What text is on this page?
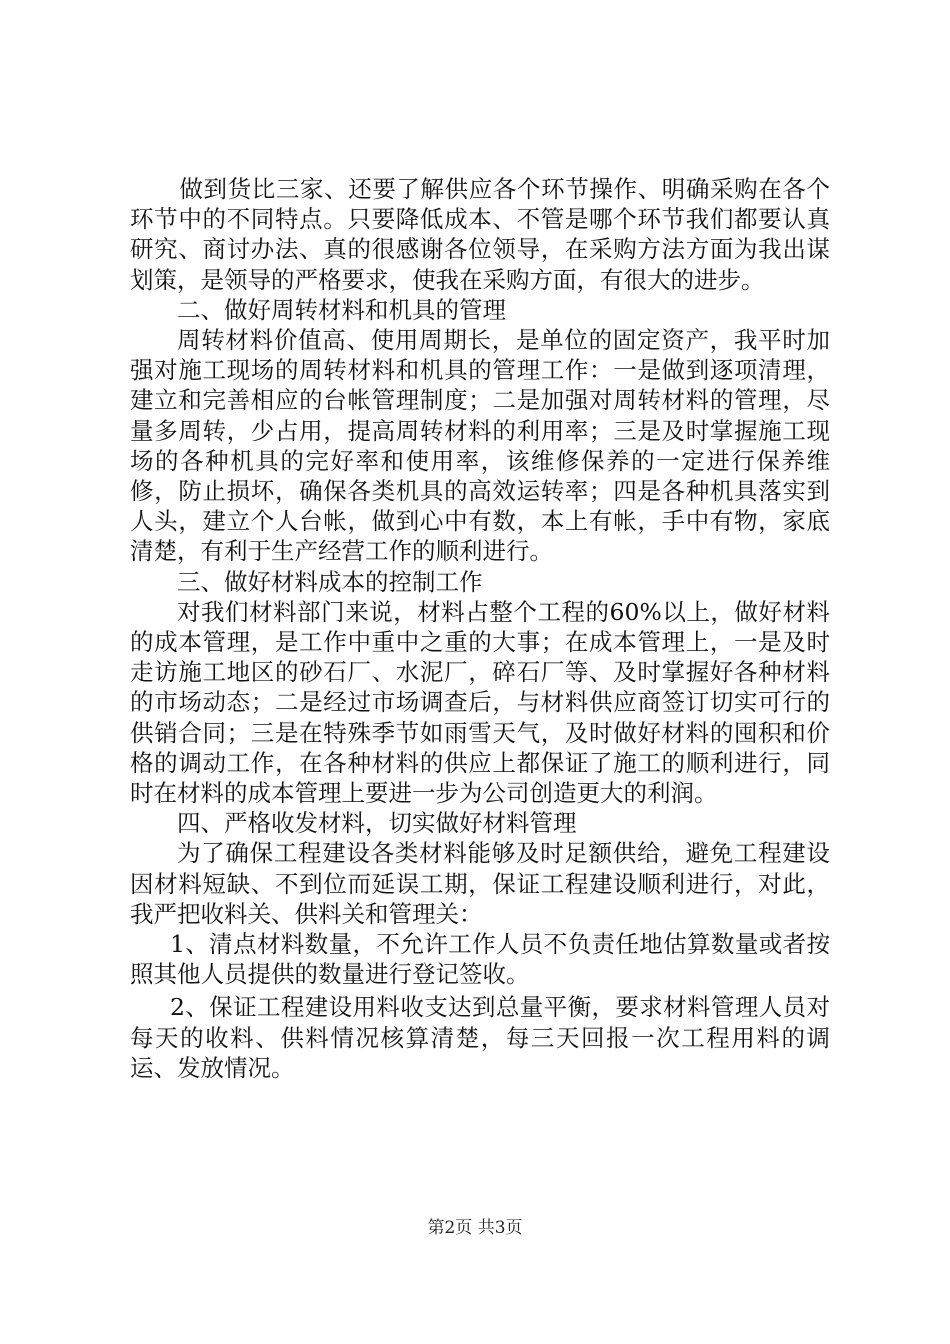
做到货比三家、还要了解供应各个环节操作、明确采购在各个环节中的不同特点。只要降低成本、不管是哪个环节我们都要认真研究、商讨办法、真的很感谢各位领导，在采购方法方面为我出谋划策，是领导的严格要求，使我在采购方面，有很大的进步。

二、做好周转材料和机具的管理

周转材料价值高、使用周期长，是单位的固定资产，我平时加强对施工现场的周转材料和机具的管理工作：一是做到逐项清理，建立和完善相应的台帐管理制度；二是加强对周转材料的管理，尽量多周转，少占用，提高周转材料的利用率；三是及时掌握施工现场的各种机具的完好率和使用率，该维修保养的一定进行保养维修，防止损坏，确保各类机具的高效运转率；四是各种机具落实到人头，建立个人台帐，做到心中有数，本上有帐，手中有物，家底清楚，有利于生产经营工作的顺利进行。

三、做好材料成本的控制工作

对我们材料部门来说，材料占整个工程的60%以上，做好材料的成本管理，是工作中重中之重的大事；在成本管理上，一是及时走访施工地区的砂石厂、水泥厂，碎石厂等、及时掌握好各种材料的市场动态；二是经过市场调查后，与材料供应商签订切实可行的供销合同；三是在特殊季节如雨雪天气，及时做好材料的囤积和价格的调动工作，在各种材料的供应上都保证了施工的顺利进行，同时在材料的成本管理上要进一步为公司创造更大的利润。

四、严格收发材料，切实做好材料管理

为了确保工程建设各类材料能够及时足额供给，避免工程建设因材料短缺、不到位而延误工期，保证工程建设顺利进行，对此，我严把收料关、供料关和管理关：

1、清点材料数量，不允许工作人员不负责任地估算数量或者按照其他人员提供的数量进行登记签收。

2、保证工程建设用料收支达到总量平衡，要求材料管理人员对每天的收料、供料情况核算清楚，每三天回报一次工程用料的调运、发放情况。

第2页 共3页
